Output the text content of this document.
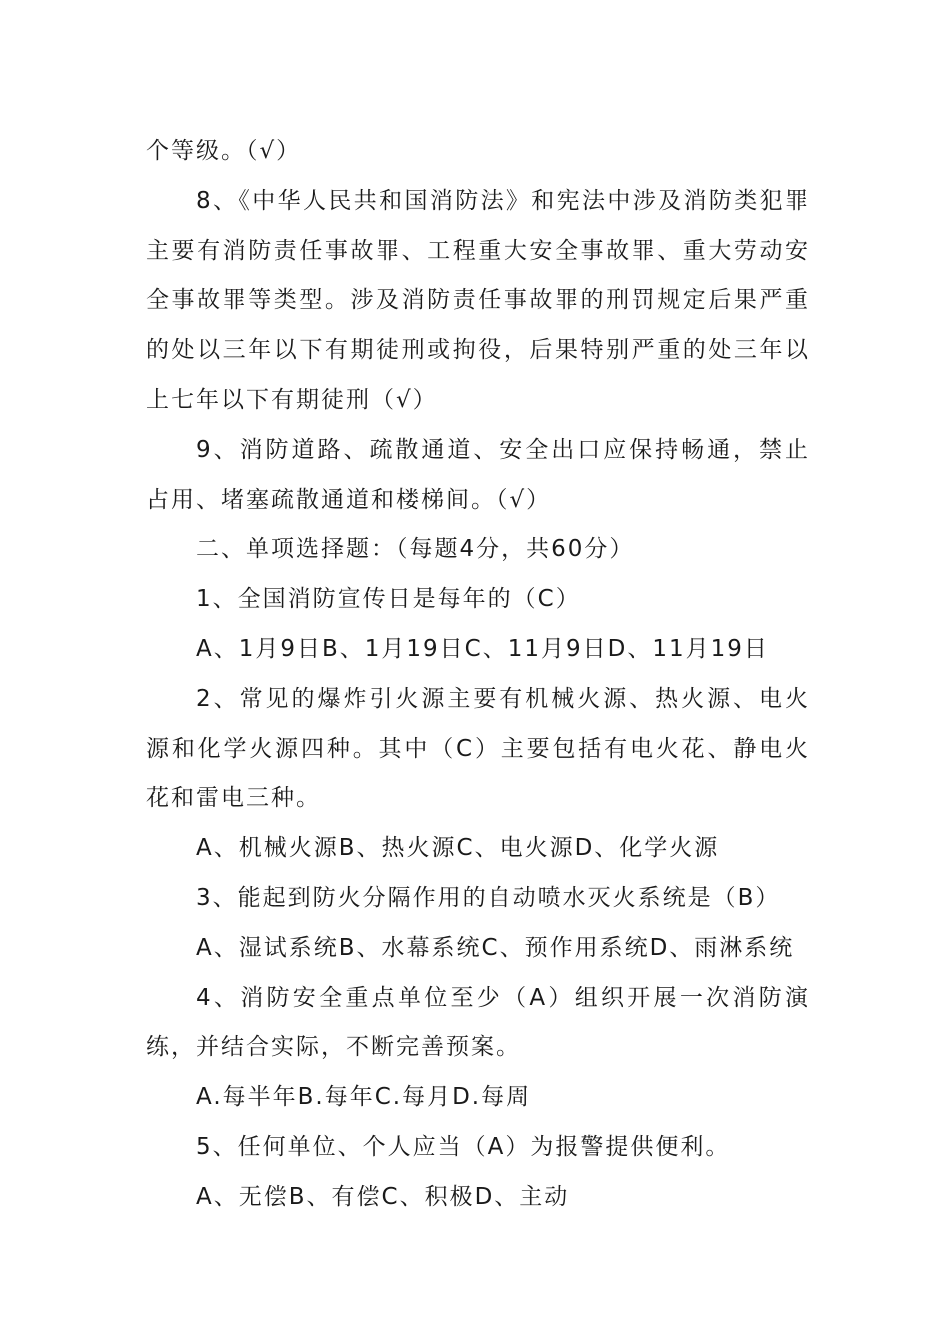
个等级。（√）

8、《中华人民共和国消防法》和宪法中涉及消防类犯罪主要有消防责任事故罪、工程重大安全事故罪、重大劳动安全事故罪等类型。涉及消防责任事故罪的刑罚规定后果严重的处以三年以下有期徒刑或拘役，后果特别严重的处三年以上七年以下有期徒刑（√）

9、消防道路、疏散通道、安全出口应保持畅通，禁止占用、堵塞疏散通道和楼梯间。（√）

二、单项选择题：（每题4分，共60分）

1、全国消防宣传日是每年的（C）

A、1月9日B、1月19日C、11月9日D、11月19日

2、常见的爆炸引火源主要有机械火源、热火源、电火源和化学火源四种。其中（C）主要包括有电火花、静电火花和雷电三种。

A、机械火源B、热火源C、电火源D、化学火源

3、能起到防火分隔作用的自动喷水灭火系统是（B）

A、湿试系统B、水幕系统C、预作用系统D、雨淋系统

4、消防安全重点单位至少（A）组织开展一次消防演练，并结合实际，不断完善预案。

A.每半年B.每年C.每月D.每周

5、任何单位、个人应当（A）为报警提供便利。

A、无偿B、有偿C、积极D、主动
